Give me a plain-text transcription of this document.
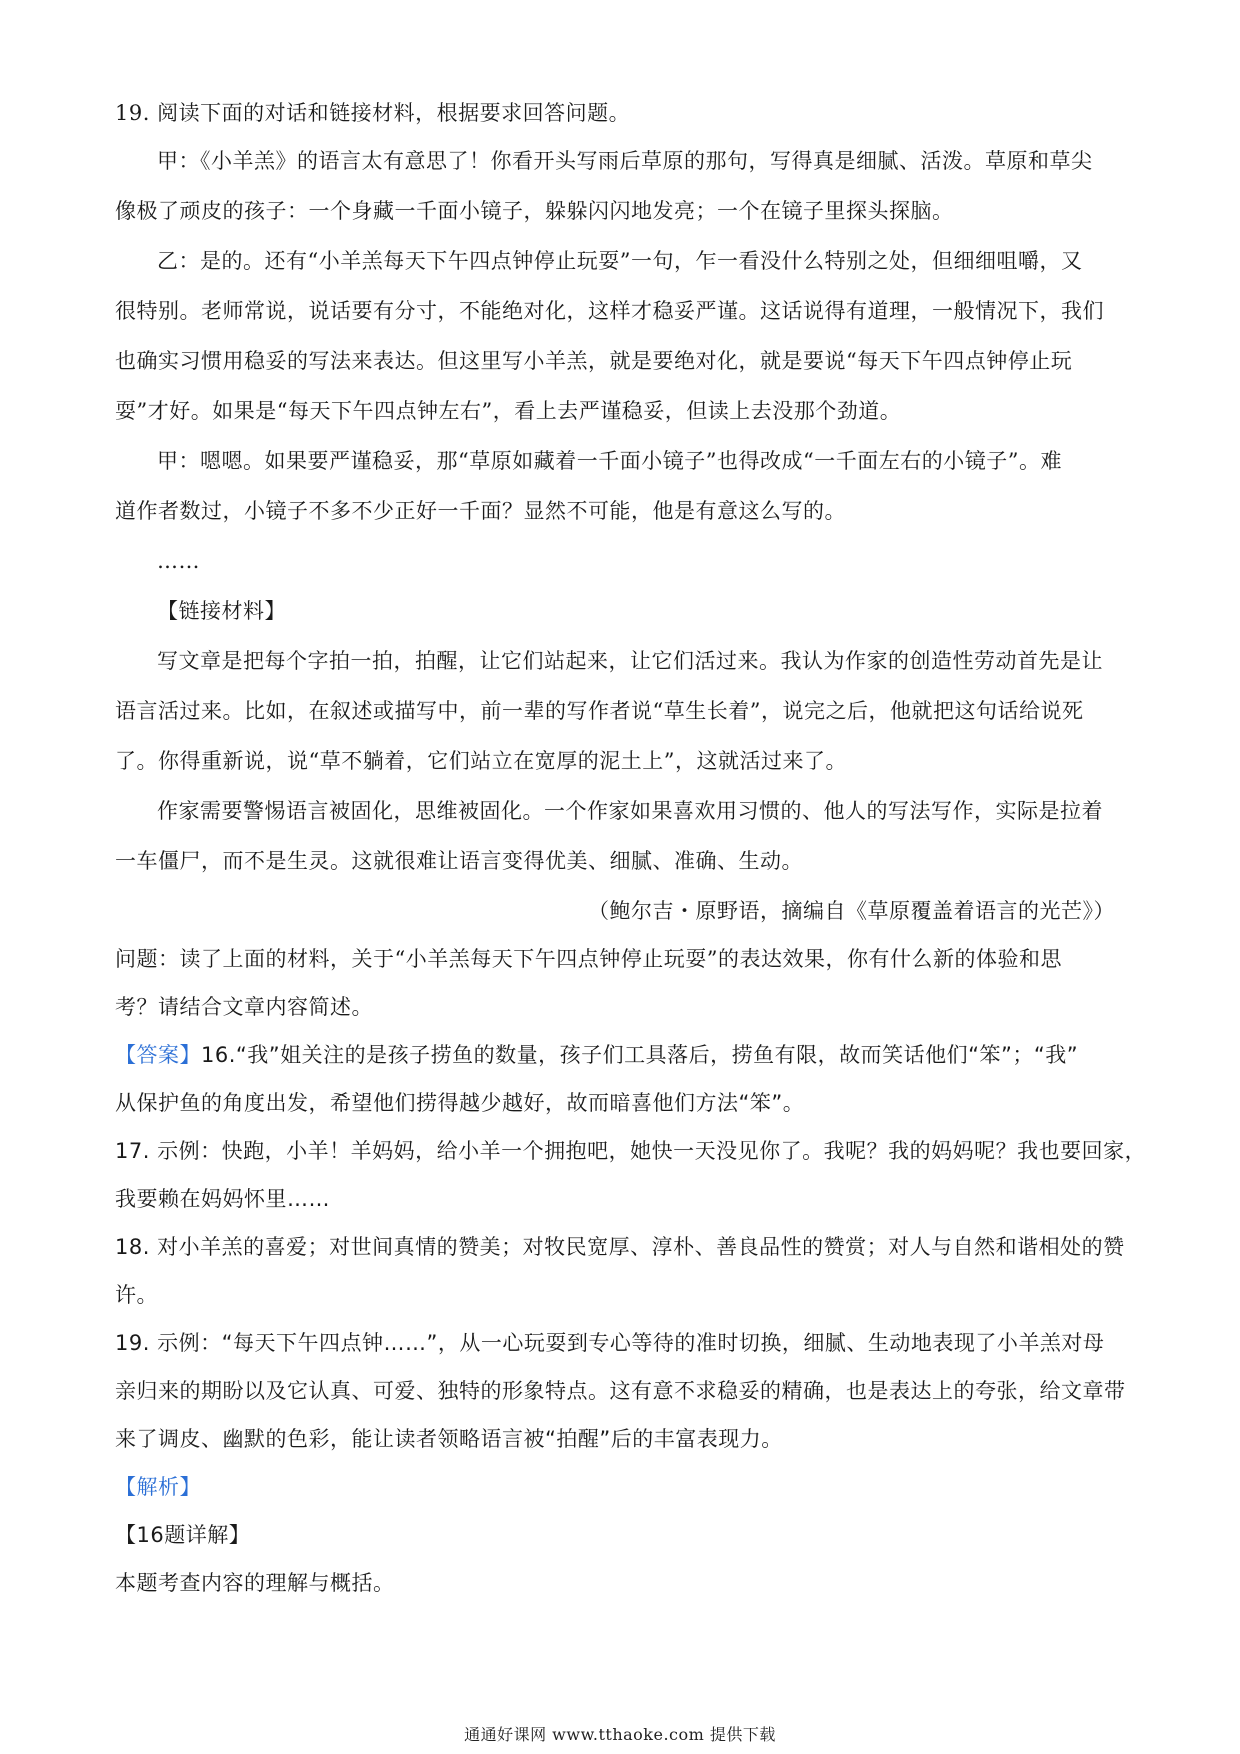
19. 阅读下面的对话和链接材料，根据要求回答问题。

甲：《小羊羔》的语言太有意思了！你看开头写雨后草原的那句，写得真是细腻、活泼。草原和草尖

像极了顽皮的孩子：一个身藏一千面小镜子，躲躲闪闪地发亮；一个在镜子里探头探脑。

乙：是的。还有“小羊羔每天下午四点钟停止玩耍”一句，乍一看没什么特别之处，但细细咀嚼，又

很特别。老师常说，说话要有分寸，不能绝对化，这样才稳妥严谨。这话说得有道理，一般情况下，我们

也确实习惯用稳妥的写法来表达。但这里写小羊羔，就是要绝对化，就是要说“每天下午四点钟停止玩

耍”才好。如果是“每天下午四点钟左右”，看上去严谨稳妥，但读上去没那个劲道。

甲：嗯嗯。如果要严谨稳妥，那“草原如藏着一千面小镜子”也得改成“一千面左右的小镜子”。难

道作者数过，小镜子不多不少正好一千面？显然不可能，他是有意这么写的。

……

【链接材料】

写文章是把每个字拍一拍，拍醒，让它们站起来，让它们活过来。我认为作家的创造性劳动首先是让

语言活过来。比如，在叙述或描写中，前一辈的写作者说“草生长着”，说完之后，他就把这句话给说死

了。你得重新说，说“草不躺着，它们站立在宽厚的泥土上”，这就活过来了。

作家需要警惕语言被固化，思维被固化。一个作家如果喜欢用习惯的、他人的写法写作，实际是拉着

一车僵尸，而不是生灵。这就很难让语言变得优美、细腻、准确、生动。

（鲍尔吉・原野语，摘编自《草原覆盖着语言的光芒》）

问题：读了上面的材料，关于“小羊羔每天下午四点钟停止玩耍”的表达效果，你有什么新的体验和思

考？请结合文章内容简述。

【答案】16.“我”姐关注的是孩子捞鱼的数量，孩子们工具落后，捞鱼有限，故而笑话他们“笨”；“我”

从保护鱼的角度出发，希望他们捞得越少越好，故而暗喜他们方法“笨”。

17. 示例：快跑，小羊！羊妈妈，给小羊一个拥抱吧，她快一天没见你了。我呢？我的妈妈呢？我也要回家，

我要赖在妈妈怀里……

18. 对小羊羔的喜爱；对世间真情的赞美；对牧民宽厚、淳朴、善良品性的赞赏；对人与自然和谐相处的赞

许。

19. 示例：“每天下午四点钟……”，从一心玩耍到专心等待的准时切换，细腻、生动地表现了小羊羔对母

亲归来的期盼以及它认真、可爱、独特的形象特点。这有意不求稳妥的精确，也是表达上的夸张，给文章带

来了调皮、幽默的色彩，能让读者领略语言被“拍醒”后的丰富表现力。

【解析】

【16题详解】

本题考查内容的理解与概括。

通通好课网 www.tthaoke.com 提供下载
